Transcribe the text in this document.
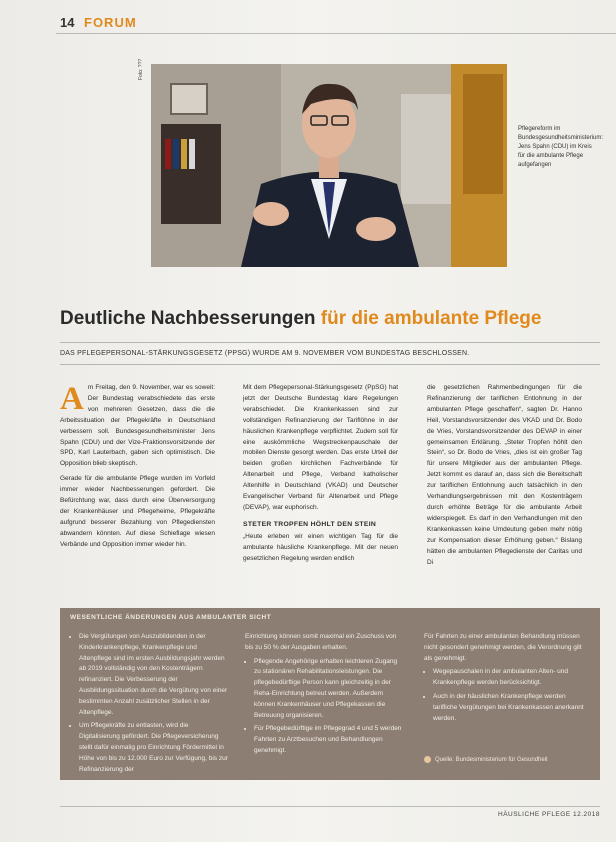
14 FORUM
Foto: ???
Pflegereform im Bundesgesundheitsministerium: Jens Spahn (CDU) im Kreis für die ambulante Pflege aufgefangen
Deutliche Nachbesserungen für die ambulante Pflege
DAS PFLEGEPERSONAL-STÄRKUNGSGESETZ (PPSG) WURDE AM 9. NOVEMBER VOM BUNDESTAG BESCHLOSSEN.

Am Freitag, den 9. November, war es soweit: Der Bundestag verabschiedete das erste von mehreren Gesetzen, dass die die Arbeitssituation der Pflegekräfte in Deutschland verbessern soll. Bundesgesundheitsminister Jens Spahn (CDU) und der Vize-Fraktionsvorsitzende der SPD, Karl Lauterbach, gaben sich optimistisch. Die Opposition blieb skeptisch.

Gerade für die ambulante Pflege wurden im Vorfeld immer wieder Nachbesserungen gefordert. Die Befürchtung war, dass durch eine Überversorgung der Krankenhäuser und Pflegeheime, Pflegekräfte aufgrund besserer Bezahlung von Pflegediensten abwandern könnten. Auf diese Schieflage wiesen Verbände und Opposition immer wieder hin.

Mit dem Pflegepersonal-Stärkungsgesetz (PpSG) hat jetzt der Deutsche Bundestag klare Regelungen verabschiedet. Die Krankenkassen sind zur vollständigen Refinanzierung der Tariflöhne in der häuslichen Krankenpflege verpflichtet. Zudem soll für eine auskömmliche Wegstreckenpauschale der mobilen Dienste gesorgt werden. Das erste Urteil der beiden großen kirchlichen Fachverbände für Altenarbeit und Pflege, Verband katholischer Altenhilfe in Deutschland (VKAD) und Deutscher Evangelischer Verband für Altenarbeit und Pflege (DEVAP), war euphorisch.

STETER TROPFEN HÖHLT DEN STEIN

„Heute erleben wir einen wichtigen Tag für die ambulante häusliche Krankenpflege. Mit der neuen gesetzlichen Regelung werden endlich

die gesetzlichen Rahmenbedingungen für die Refinanzierung der tariflichen Entlohnung in der ambulanten Pflege geschaffen“, sagten Dr. Hanno Heil, Vorstandsvorsitzender des VKAD und Dr. Bodo de Vries, Vorstandsvorsitzender des DEVAP in einer gemeinsamen Erklärung. „Steter Tropfen höhlt den Stein“, so Dr. Bodo de Vries, „dies ist ein großer Tag für unsere Mitglieder aus der ambulanten Pflege. Jetzt kommt es darauf an, dass sich die Bereitschaft zur tariflichen Entlohnung auch tatsächlich in den Verhandlungsergebnissen mit den Kostenträgern durch erhöhte Beträge für die ambulante Arbeit widerspiegelt. Es darf in den Verhandlungen mit den Krankenkassen keine Umdeutung geben mehr nötig zur Kompensation dieser Erhöhung geben.“ Bislang hätten die ambulanten Pflegedienste der Caritas und Di

WESENTLICHE ÄNDERUNGEN AUS AMBULANTER SICHT
• Die Vergütungen von Auszubildenden in der Kinderkrankenpflege, Krankenpflege und Altenpflege sind im ersten Ausbildungsjahr werden ab 2019 vollständig von den Kostenträgern refinanziert. Die Verbesserung der Ausbildungssituation durch die Vergütung von einer bestimmten Anzahl zusätzlicher Stellen in der Altenpflege.
• Um Pflegekräfte zu entlasten, wird die Digitalisierung gefördert. Die Pflegeversicherung stellt dafür einmalig pro Einrichtung Fördermittel in Höhe von bis zu 12.000 Euro zur Verfügung, bis zur Refinanzierung der
Einrichtung können somit maximal ein Zuschuss von bis zu 50 % der Ausgaben erhalten.
• Pflegende Angehörige erhalten leichteren Zugang zu stationären Rehabilitationsleistungen. Die pflegebedürftige Person kann gleichzeitig in der Reha-Einrichtung betreut werden. Außerdem können Krankenhäuser und Pflegekassen die Betreuung organisieren.
• Für Pflegebedürftige im Pflegegrad 4 und 5 werden Fahrten zu Arztbesuchen und Behandlungen genehmigt.
Für Fahrten zu einer ambulanten Behandlung müssen nicht gesondert genehmigt werden, die Verordnung gilt als genehmigt.
• Wegepauschalen in der ambulanten Alten- und Krankenpflege werden berücksichtigt.
• Auch in der häuslichen Krankenpflege werden tarifliche Vergütungen bei Krankenkassen anerkannt werden.
Quelle: Bundesministerium für Gesundheit
HÄUSLICHE PFLEGE 12.2018
